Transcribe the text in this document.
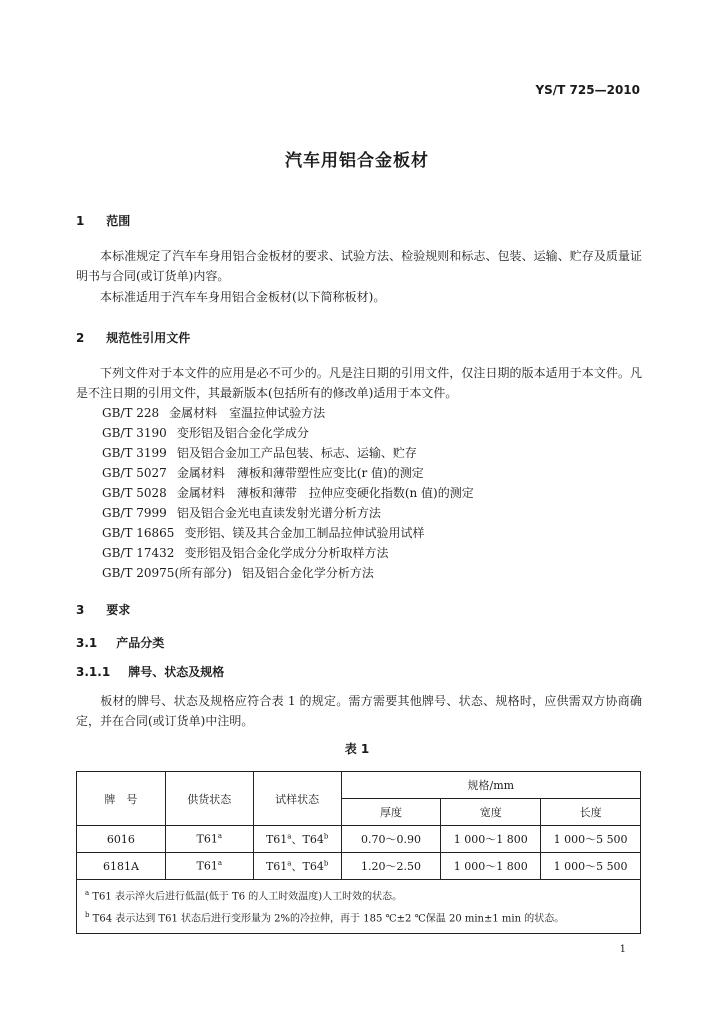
YS/T 725—2010
汽车用铝合金板材
1 范围
本标准规定了汽车车身用铝合金板材的要求、试验方法、检验规则和标志、包装、运输、贮存及质量证明书与合同(或订货单)内容。
本标准适用于汽车车身用铝合金板材(以下简称板材)。
2 规范性引用文件
下列文件对于本文件的应用是必不可少的。凡是注日期的引用文件，仅注日期的版本适用于本文件。凡是不注日期的引用文件，其最新版本(包括所有的修改单)适用于本文件。
GB/T 228 金属材料　室温拉伸试验方法
GB/T 3190 变形铝及铝合金化学成分
GB/T 3199 铝及铝合金加工产品包装、标志、运输、贮存
GB/T 5027 金属材料　薄板和薄带塑性应变比(r 值)的测定
GB/T 5028 金属材料　薄板和薄带　拉伸应变硬化指数(n 值)的测定
GB/T 7999 铝及铝合金光电直读发射光谱分析方法
GB/T 16865 变形铝、镁及其合金加工制品拉伸试验用试样
GB/T 17432 变形铝及铝合金化学成分分析取样方法
GB/T 20975(所有部分) 铝及铝合金化学分析方法
3 要求
3.1 产品分类
3.1.1 牌号、状态及规格
板材的牌号、状态及规格应符合表 1 的规定。需方需要其他牌号、状态、规格时，应供需双方协商确定，并在合同(或订货单)中注明。
表 1
牌　号	供货状态	试样状态	规格/mm		
			厚度	宽度	长度
6016	T61$^a$	T61$^a$、T64$^b$	0.70～0.90	1 000～1 800	1 000～5 500
6181A	T61$^a$	T61$^a$、T64$^b$	1.20～2.50	1 000～1 800	1 000～5 500

$^a$ T61 表示淬火后进行低温(低于 T6 的人工时效温度)人工时效的状态。
$^b$ T64 表示达到 T61 状态后进行变形量为 2%的冷拉伸，再于 185 ℃±2 ℃保温 20 min±1 min 的状态。					
1
